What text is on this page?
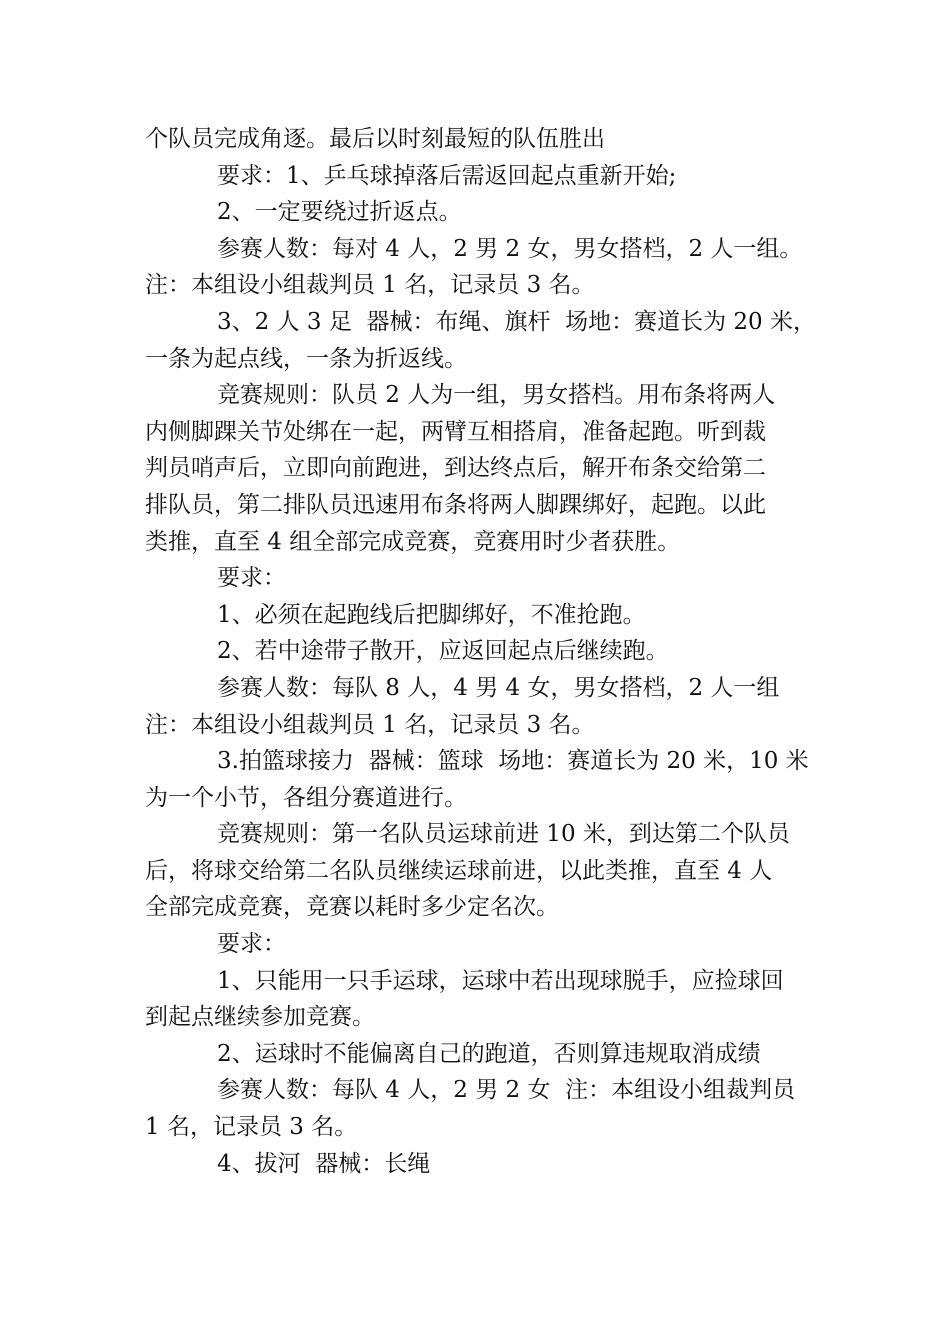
个队员完成角逐。最后以时刻最短的队伍胜出
要求：1、乒乓球掉落后需返回起点重新开始;
2、一定要绕过折返点。
参赛人数：每对 4 人，2 男 2 女，男女搭档，2 人一组。
注：本组设小组裁判员 1 名，记录员 3 名。
3、2 人 3 足  器械：布绳、旗杆  场地：赛道长为 20 米，
一条为起点线，一条为折返线。
竞赛规则：队员 2 人为一组，男女搭档。用布条将两人
内侧脚踝关节处绑在一起，两臂互相搭肩，准备起跑。听到裁
判员哨声后，立即向前跑进，到达终点后，解开布条交给第二
排队员，第二排队员迅速用布条将两人脚踝绑好，起跑。以此
类推，直至 4 组全部完成竞赛，竞赛用时少者获胜。
要求：
1、必须在起跑线后把脚绑好，不准抢跑。
2、若中途带子散开，应返回起点后继续跑。
参赛人数：每队 8 人，4 男 4 女，男女搭档，2 人一组
注：本组设小组裁判员 1 名，记录员 3 名。
3.拍篮球接力  器械：篮球  场地：赛道长为 20 米，10 米
为一个小节，各组分赛道进行。
竞赛规则：第一名队员运球前进 10 米，到达第二个队员
后，将球交给第二名队员继续运球前进，以此类推，直至 4 人
全部完成竞赛，竞赛以耗时多少定名次。
要求：
1、只能用一只手运球，运球中若出现球脱手，应捡球回
到起点继续参加竞赛。
2、运球时不能偏离自己的跑道，否则算违规取消成绩
参赛人数：每队 4 人，2 男 2 女  注：本组设小组裁判员
1 名，记录员 3 名。
4、拔河  器械：长绳
